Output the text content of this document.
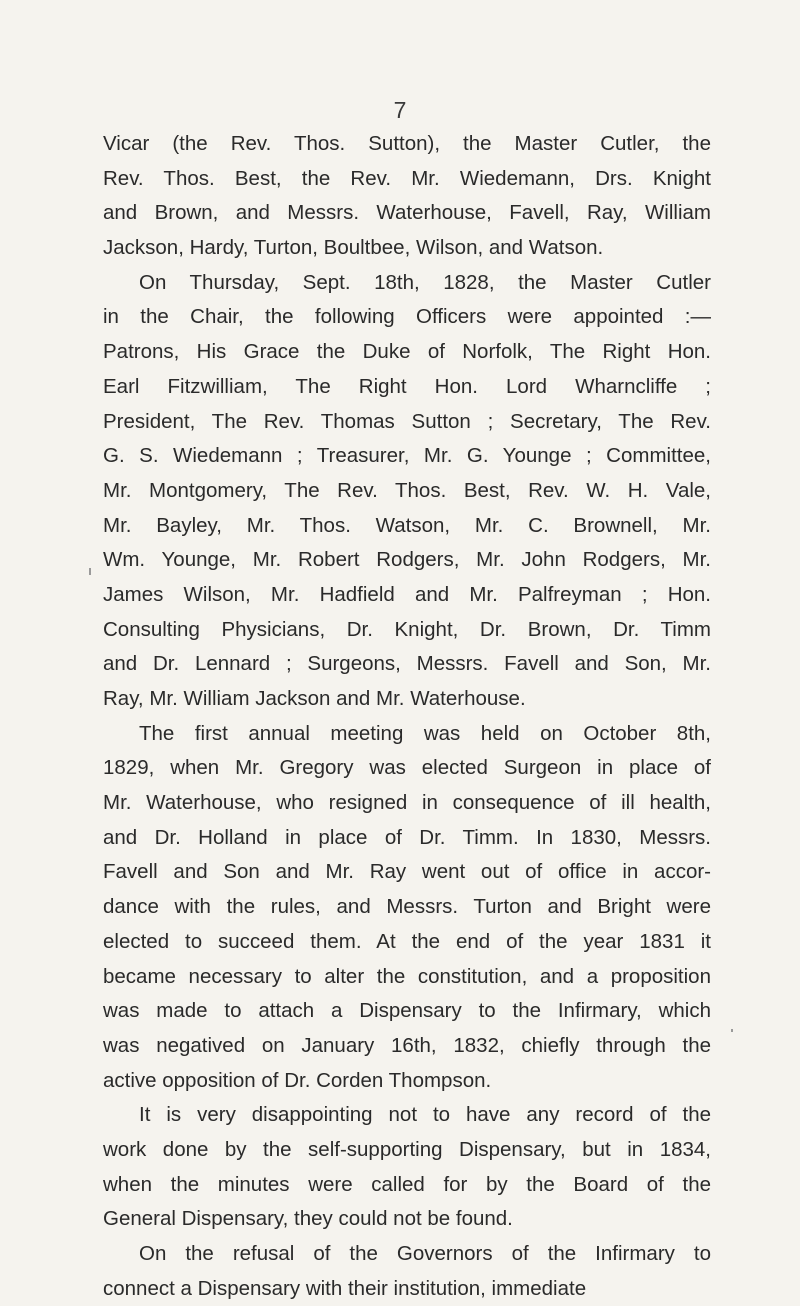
7
Vicar (the Rev. Thos. Sutton), the Master Cutler, the
Rev. Thos. Best, the Rev. Mr. Wiedemann, Drs. Knight
and Brown, and Messrs. Waterhouse, Favell, Ray, William
Jackson, Hardy, Turton, Boultbee, Wilson, and Watson.
On Thursday, Sept. 18th, 1828, the Master Cutler
in the Chair, the following Officers were appointed :—
Patrons, His Grace the Duke of Norfolk, The Right Hon.
Earl Fitzwilliam, The Right Hon. Lord Wharncliffe ;
President, The Rev. Thomas Sutton ; Secretary, The Rev.
G. S. Wiedemann ; Treasurer, Mr. G. Younge ; Committee,
Mr. Montgomery, The Rev. Thos. Best, Rev. W. H. Vale,
Mr. Bayley, Mr. Thos. Watson, Mr. C. Brownell, Mr.
Wm. Younge, Mr. Robert Rodgers, Mr. John Rodgers, Mr.
James Wilson, Mr. Hadfield and Mr. Palfreyman ; Hon.
Consulting Physicians, Dr. Knight, Dr. Brown, Dr. Timm
and Dr. Lennard ; Surgeons, Messrs. Favell and Son, Mr.
Ray, Mr. William Jackson and Mr. Waterhouse.
The first annual meeting was held on October 8th,
1829, when Mr. Gregory was elected Surgeon in place of
Mr. Waterhouse, who resigned in consequence of ill health,
and Dr. Holland in place of Dr. Timm. In 1830, Messrs.
Favell and Son and Mr. Ray went out of office in accor-
dance with the rules, and Messrs. Turton and Bright were
elected to succeed them. At the end of the year 1831 it
became necessary to alter the constitution, and a proposition
was made to attach a Dispensary to the Infirmary, which
was negatived on January 16th, 1832, chiefly through the
active opposition of Dr. Corden Thompson.
It is very disappointing not to have any record of the
work done by the self-supporting Dispensary, but in 1834,
when the minutes were called for by the Board of the
General Dispensary, they could not be found.
On the refusal of the Governors of the Infirmary to
connect a Dispensary with their institution, immediate
